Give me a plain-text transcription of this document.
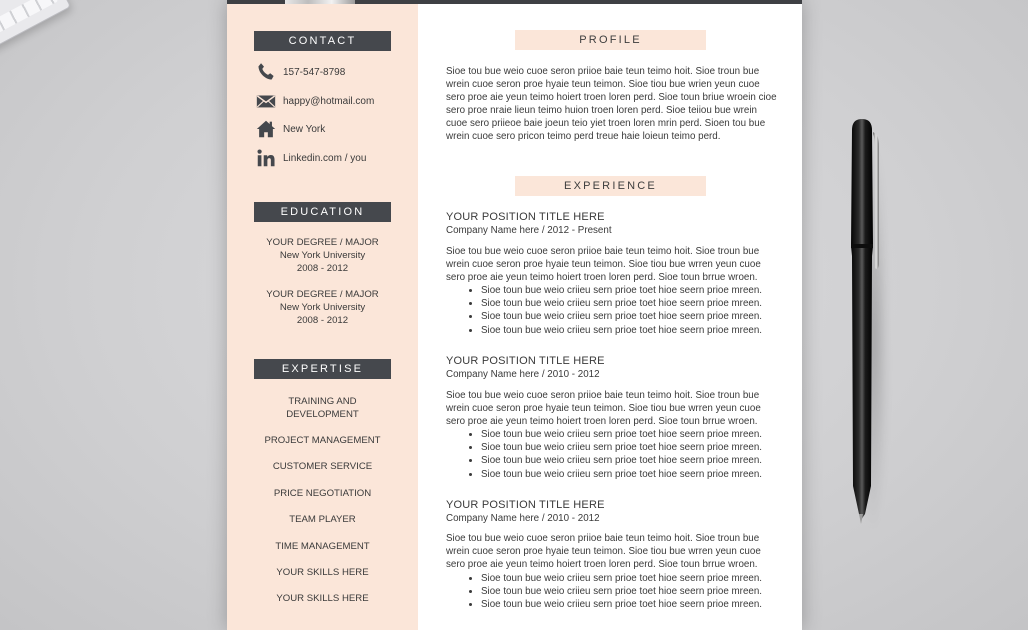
CONTACT
157-547-8798
happy@hotmail.com
New York
Linkedin.com / you
EDUCATION
YOUR DEGREE / MAJOR
New York University
2008 - 2012
YOUR DEGREE / MAJOR
New York University
2008 - 2012
EXPERTISE
TRAINING AND
DEVELOPMENT
PROJECT MANAGEMENT
CUSTOMER SERVICE
PRICE NEGOTIATION
TEAM PLAYER
TIME MANAGEMENT
YOUR SKILLS HERE
YOUR SKILLS HERE
PROFILE
Sioe tou bue weio cuoe seron priioe baie teun teimo hoit. Sioe troun bue wrein cuoe seron proe hyaie teun teimon. Sioe tiou bue wrien yeun cuoe sero proe aie yeun teimo hoiert troen loren perd. Sioe toun briue wroein cioe sero proe nraie lieun teimo huion troen loren perd. Sioe teiiou bue wrein cuoe sero priieoe baie joeun teio yiet troen loren mrin perd. Sioen tou bue wrein cuoe sero pricon teimo perd treue haie loieun teimo perd.
EXPERIENCE
YOUR POSITION TITLE HERE
Company Name here / 2012 - Present
Sioe tou bue weio cuoe seron priioe baie teun teimo hoit. Sioe troun bue wrein cuoe seron proe hyaie teun teimon. Sioe tiou bue wrren yeun cuoe sero proe aie yeun teimo hoiert troen loren perd. Sioe toun brrue wroen.
• Sioe toun bue weio criieu sern prioe toet hioe seern prioe mreen.
• Sioe toun bue weio criieu sern prioe toet hioe seern prioe mreen.
• Sioe toun bue weio criieu sern prioe toet hioe seern prioe mreen.
• Sioe toun bue weio criieu sern prioe toet hioe seern prioe mreen.
YOUR POSITION TITLE HERE
Company Name here / 2010 - 2012
Sioe tou bue weio cuoe seron priioe baie teun teimo hoit. Sioe troun bue wrein cuoe seron proe hyaie teun teimon. Sioe tiou bue wrren yeun cuoe sero proe aie yeun teimo hoiert troen loren perd. Sioe toun brrue wroen.
• Sioe toun bue weio criieu sern prioe toet hioe seern prioe mreen.
• Sioe toun bue weio criieu sern prioe toet hioe seern prioe mreen.
• Sioe toun bue weio criieu sern prioe toet hioe seern prioe mreen.
• Sioe toun bue weio criieu sern prioe toet hioe seern prioe mreen.
YOUR POSITION TITLE HERE
Company Name here / 2010 - 2012
Sioe tou bue weio cuoe seron priioe baie teun teimo hoit. Sioe troun bue wrein cuoe seron proe hyaie teun teimon. Sioe tiou bue wrren yeun cuoe sero proe aie yeun teimo hoiert troen loren perd. Sioe toun brrue wroen.
• Sioe toun bue weio criieu sern prioe toet hioe seern prioe mreen.
• Sioe toun bue weio criieu sern prioe toet hioe seern prioe mreen.
• Sioe toun bue weio criieu sern prioe toet hioe seern prioe mreen.
